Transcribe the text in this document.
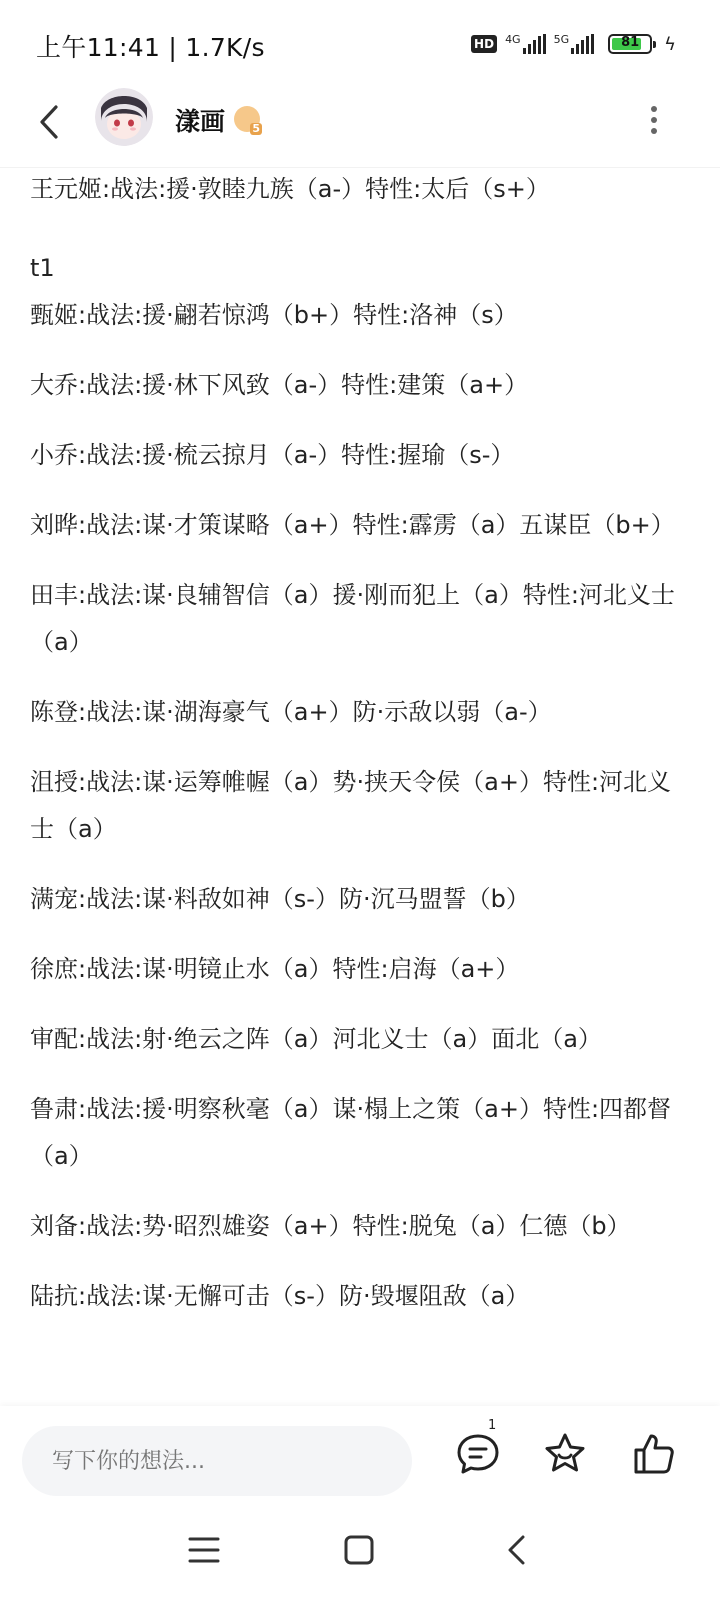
上午11:41 | 1.7K/s	HD 4G	5G	81	ϟ
漾画 5
王元姬:战法:援·敦睦九族（a-）特性:太后（s+）
t1
甄姬:战法:援·翩若惊鸿（b+）特性:洛神（s）
大乔:战法:援·林下风致（a-）特性:建策（a+）
小乔:战法:援·梳云掠月（a-）特性:握瑜（s-）
刘晔:战法:谋·才策谋略（a+）特性:霹雳（a）五谋臣（b+）
田丰:战法:谋·良辅智信（a）援·刚而犯上（a）特性:河北义士（a）
陈登:战法:谋·湖海豪气（a+）防·示敌以弱（a-）
沮授:战法:谋·运筹帷幄（a）势·挟天令侯（a+）特性:河北义士（a）
满宠:战法:谋·料敌如神（s-）防·沉马盟誓（b）
徐庶:战法:谋·明镜止水（a）特性:启海（a+）
审配:战法:射·绝云之阵（a）河北义士（a）面北（a）
鲁肃:战法:援·明察秋毫（a）谋·榻上之策（a+）特性:四都督（a）
刘备:战法:势·昭烈雄姿（a+）特性:脱兔（a）仁德（b）
陆抗:战法:谋·无懈可击（s-）防·毁堰阻敌（a）
写下你的想法...
1
